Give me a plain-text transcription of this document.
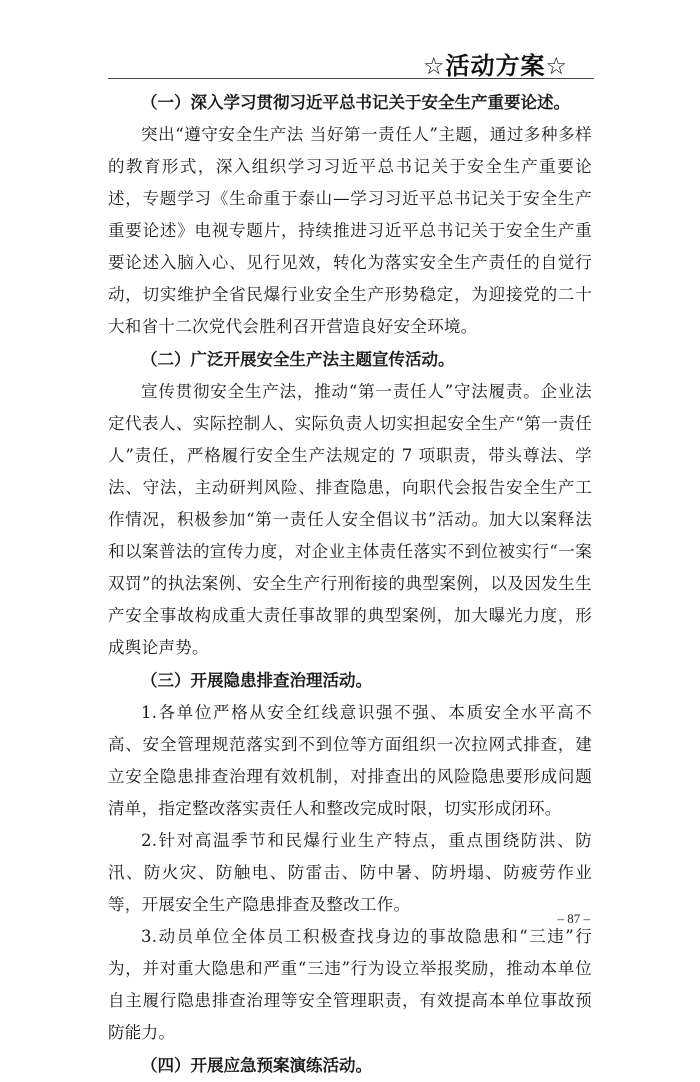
☆活动方案☆

（一）深入学习贯彻习近平总书记关于安全生产重要论述。

突出“遵守安全生产法 当好第一责任人”主题，通过多种多样的教育形式，深入组织学习习近平总书记关于安全生产重要论述，专题学习《生命重于泰山—学习习近平总书记关于安全生产重要论述》电视专题片，持续推进习近平总书记关于安全生产重要论述入脑入心、见行见效，转化为落实安全生产责任的自觉行动，切实维护全省民爆行业安全生产形势稳定，为迎接党的二十大和省十二次党代会胜利召开营造良好安全环境。

（二）广泛开展安全生产法主题宣传活动。

宣传贯彻安全生产法，推动“第一责任人”守法履责。企业法定代表人、实际控制人、实际负责人切实担起安全生产“第一责任人”责任，严格履行安全生产法规定的 7 项职责，带头尊法、学法、守法，主动研判风险、排查隐患，向职代会报告安全生产工作情况，积极参加“第一责任人安全倡议书”活动。加大以案释法和以案普法的宣传力度，对企业主体责任落实不到位被实行“一案双罚”的执法案例、安全生产行刑衔接的典型案例，以及因发生生产安全事故构成重大责任事故罪的典型案例，加大曝光力度，形成舆论声势。

（三）开展隐患排查治理活动。

1.各单位严格从安全红线意识强不强、本质安全水平高不高、安全管理规范落实到不到位等方面组织一次拉网式排查，建立安全隐患排查治理有效机制，对排查出的风险隐患要形成问题清单，指定整改落实责任人和整改完成时限，切实形成闭环。

2.针对高温季节和民爆行业生产特点，重点围绕防洪、防汛、防火灾、防触电、防雷击、防中暑、防坍塌、防疲劳作业等，开展安全生产隐患排查及整改工作。

3.动员单位全体员工积极查找身边的事故隐患和“三违”行为，并对重大隐患和严重“三违”行为设立举报奖励，推动本单位自主履行隐患排查治理等安全管理职责，有效提高本单位事故预防能力。

（四）开展应急预案演练活动。

– 87 –
